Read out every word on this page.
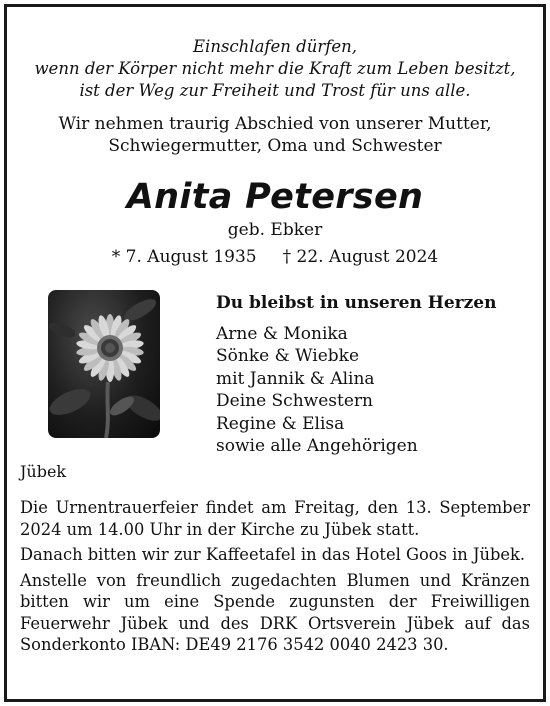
Einschlafen dürfen,
wenn der Körper nicht mehr die Kraft zum Leben besitzt,
ist der Weg zur Freiheit und Trost für uns alle.
Wir nehmen traurig Abschied von unserer Mutter,
Schwiegermutter, Oma und Schwester
Anita Petersen
geb. Ebker
* 7. August 1935 † 22. August 2024
Du bleibst in unseren Herzen
Arne & Monika
Sönke & Wiebke
mit Jannik & Alina
Deine Schwestern
Regine & Elisa
sowie alle Angehörigen
Jübek

Die Urnentrauerfeier findet am Freitag, den 13. September 2024 um 14.00 Uhr in der Kirche zu Jübek statt.

Danach bitten wir zur Kaffeetafel in das Hotel Goos in Jübek.

Anstelle von freundlich zugedachten Blumen und Kränzen bitten wir um eine Spende zugunsten der Freiwilligen Feuerwehr Jübek und des DRK Ortsverein Jübek auf das Sonderkonto IBAN: DE49 2176 3542 0040 2423 30.
